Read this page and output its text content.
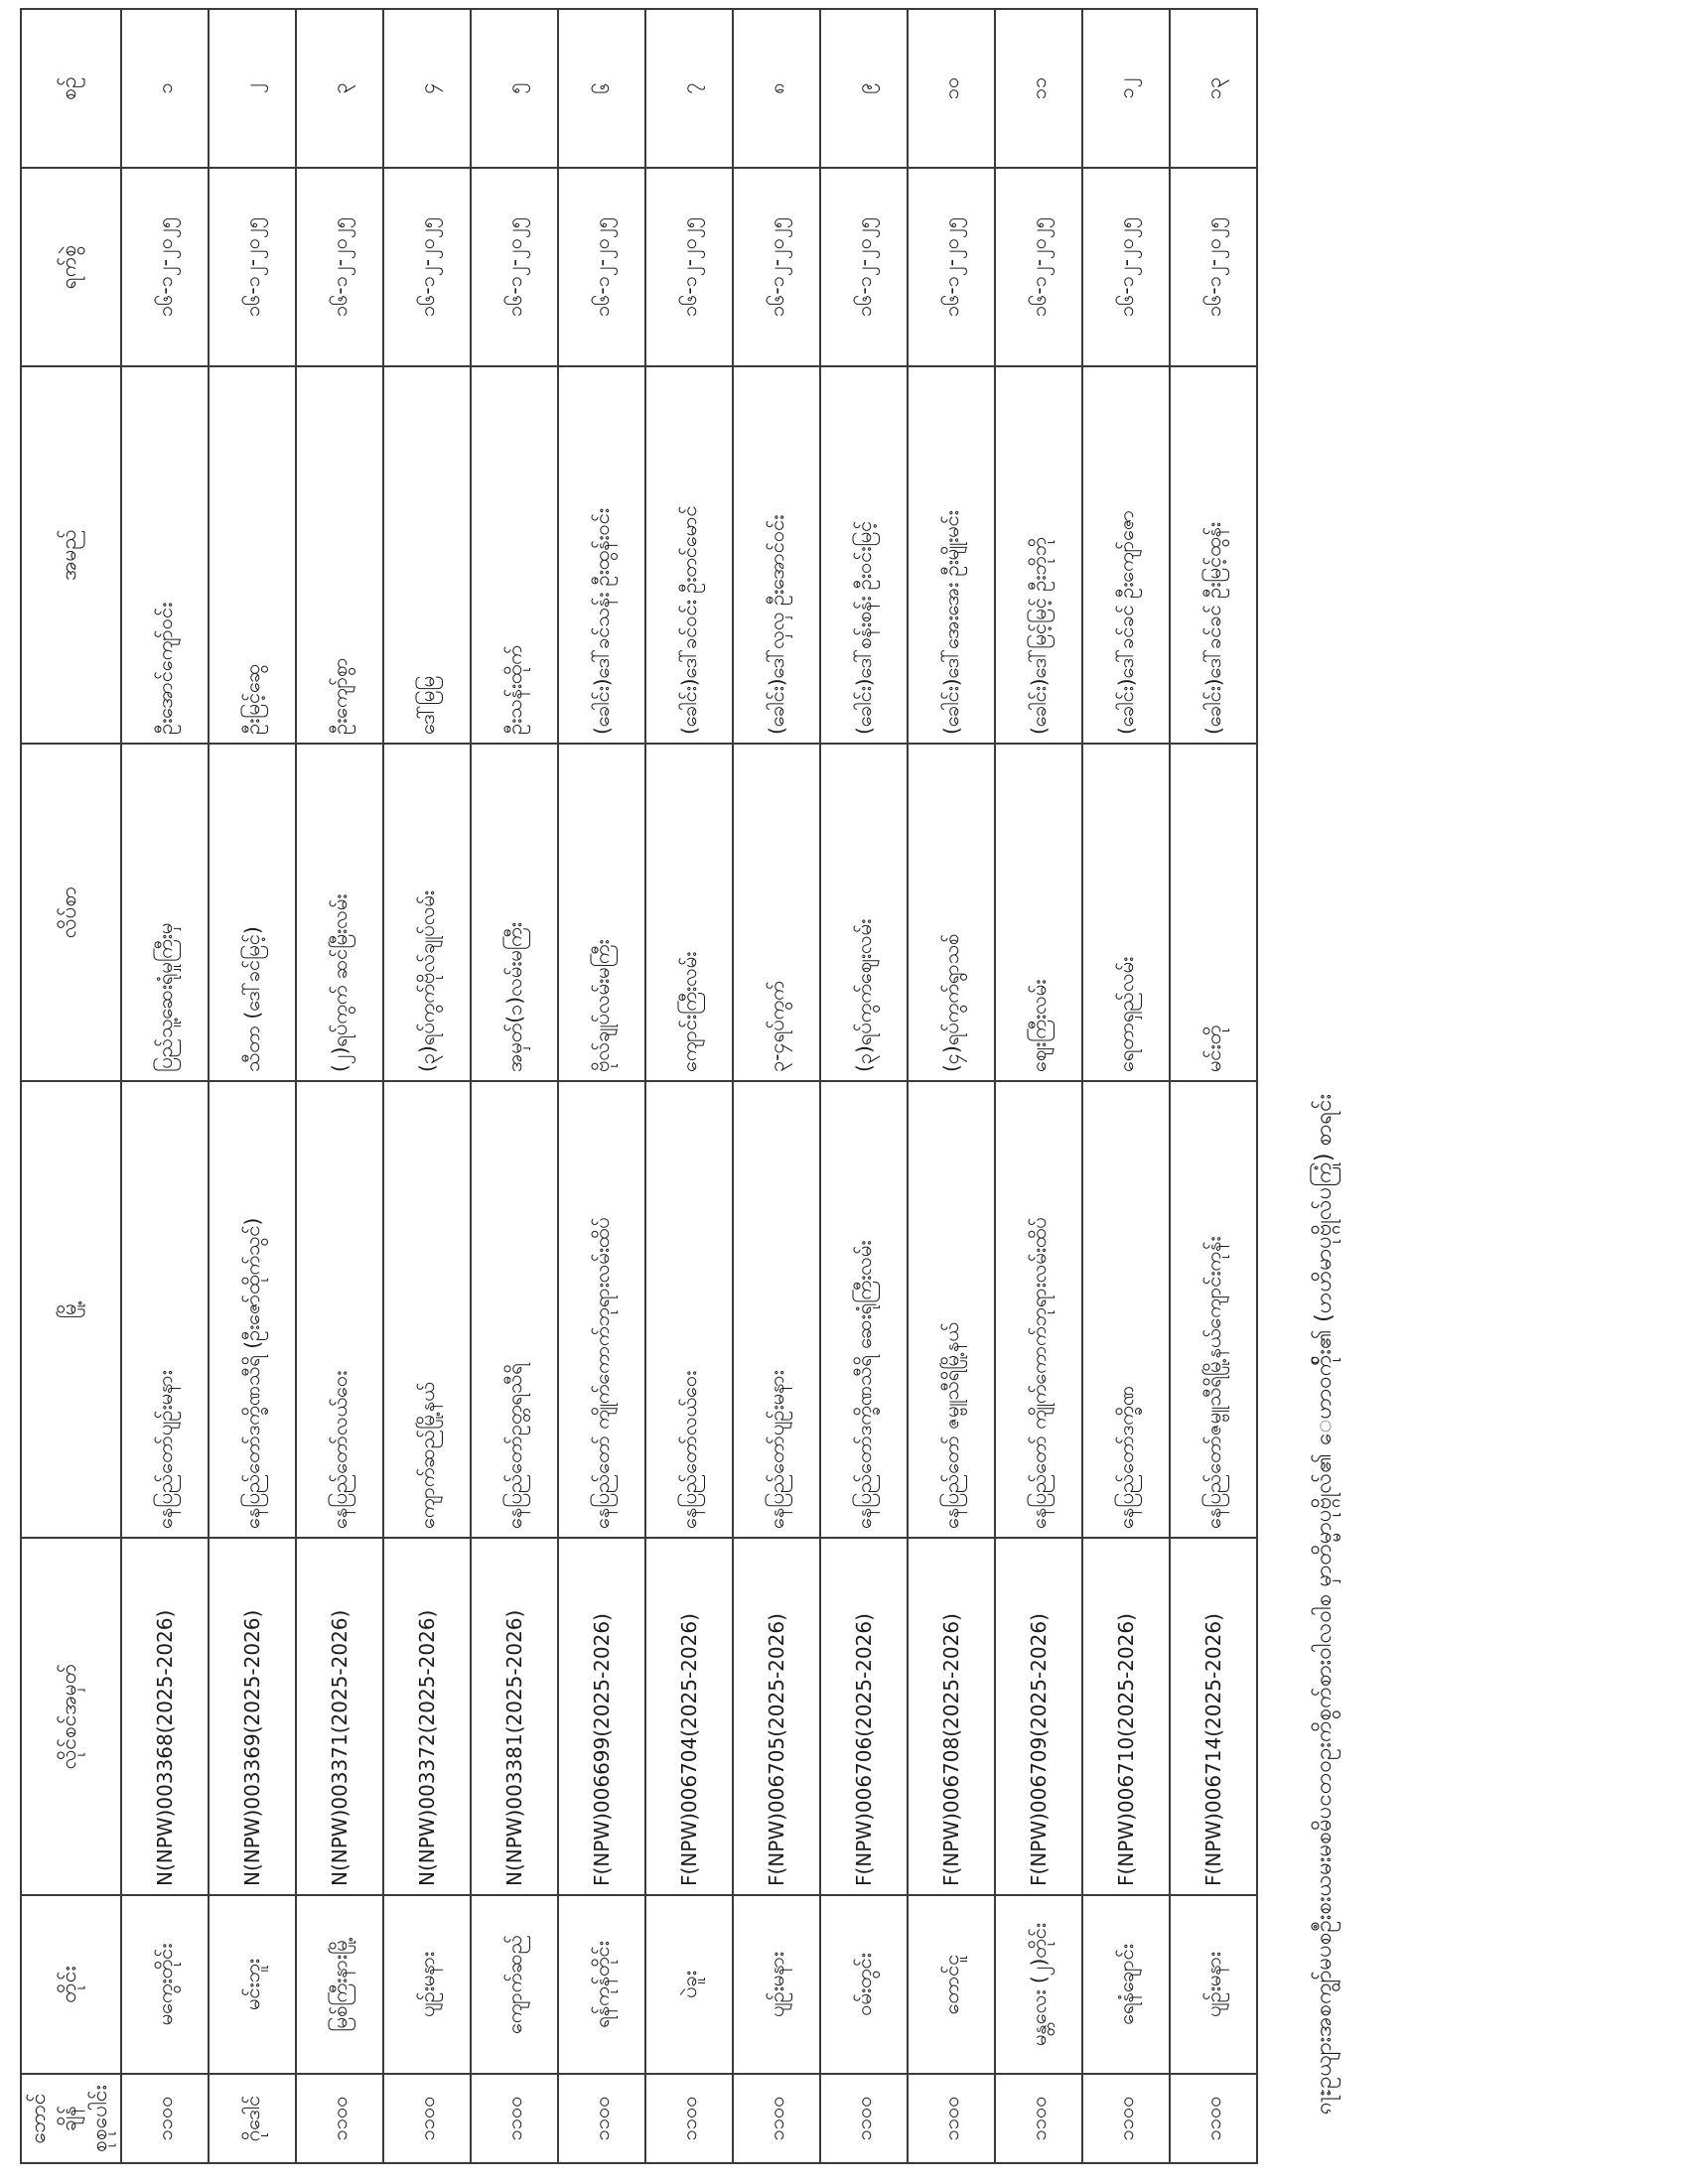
ၵႃႊဥယျားအစကျွာ်မပစဥဳးစးယမးမစမိပငတဝဥးကိစွက်စားဝါလဝါစ မှာတိမ္မာပုဗ္ဂိုလ်၏ ေဟာဝက်ိုး၏ (ဟဟိမာပုဗ္ဂိုလ်ပကြုံ) စာရင်း
ဘောင်ချိန် စုစုပေါင်း	တိုင်း	လိုင်စင်အမှတ်	မြို့	လိပ်စာ	အမည်	ရက်စွဲ	စဉ်
၁၁၀၀	မကွေးတိုင်း	N(NPW)003368(2025-2026)	နေပြည်တော်ပျဉ်းမနား	ပြည်သူ့ဆေးရုံမှုကြီးမှ	ဦးအောင်ကျော်ဝင်း	၁၆-၁၂-၂၀၂၅	၁
ဂိုဒေါင်	မင်းဘူး	N(NPW)003369(2025-2026)	နေပြည်တော်ဒက္ခိဏသီရိ (ဦးဇော်ထိုက်သွင်)	သီတာ (ဒေါ်ခင်မြင့်)	ဦးမြင့်ဆွေ	၁၆-၁၂-၂၀၂၅	၂
၁၁၀၀	မြစ်ကြီးနားမြို့	N(NPW)003371(2025-2026)	နေပြည်တော်လယ်ဝေး	(၂)ရပ်ကွက် ဆင်မြီးလမ်း	ဦးကျော်စွာ	၁၆-၁၂-၂၀၂၅	၃
၁၁၀၀	ပျဉ်းမနား	N(NPW)003372(2025-2026)	ကျောက်ဆည်မြို့နယ်	(၃)ရပ်ကွက်ဗိုလ်ချုပ်လမ်း	ဒေါ်မြမြ	၁၆-၁၂-၂၀၂၅	၄
၁၁၀၀	ကျောက်ဆည်	N(NPW)003381(2025-2026)	နေပြည်တော်ဥတ္တရသီရိ	အမှတ်(၁)လမ်းမကြီး	ဦးသန်းထိုက်	၁၆-၁၂-၂၀၂၅	၅
၁၁၀၀	ရန်ကုန်တိုင်း	F(NPW)006699(2025-2026)	နေပြည်တော် ကျိုက်ကောက်ဘုရားလမ်းထိပ်	ဗိုလ်ချုပ်လမ်းမကြီး	(ခေါင်း)ဒေါ်ခင်သန်း ဦးထွန်းဝင်း	၁၆-၁၂-၂၀၂၅	၆
၁၁၀၀	ပဲခူး	F(NPW)006704(2025-2026)	နေပြည်တော်လယ်ဝေး	ကျောင်းကြီးလမ်း	(ခေါင်း)ဒေါ်ခင်ဝင်း ဦးတင်မောင်	၁၆-၁၂-၂၀၂၅	၇
၁၁၀၀	ပျဉ်းမနား	F(NPW)006705(2025-2026)	နေပြည်တော်ပျဉ်းမနား	၃-၄ရပ်ကွက်	(ခေါင်း)ဒေါ်လှလှ ဦးအောင်ဝင်း	၁၆-၁၂-၂၀၂၅	၈
၁၁၀၀	ဝမ်းတွင်း	F(NPW)006706(2025-2026)	နေပြည်တော်ဒက္ခိဏသီရိ ဆေးရုံကြီးလမ်း	(၃)ရပ်ကွက်ဈေးလမ်း	(ခေါင်း)ဒေါ်စန်းစန်း ဦးဝင်းမြင့်	၁၆-၁၂-၂၀၂၅	၉
၁၁၀၀	တောင်ငူ	F(NPW)006708(2025-2026)	နေပြည်တော် ဇမ္ဗူသီရိမြို့နယ်	(၄)ရပ်ကွက်ရွာသစ်	(ခေါင်း)ဒေါ်အေးအေး ဦးမျိုးမင်း	၁၆-၁၂-၂၀၂၅	၁၀
၁၁၀၀	မန္တလေး (၂)တိုင်း	F(NPW)006709(2025-2026)	နေပြည်တော် ကျိုက်ကောက်ဘုရားလမ်းထိပ်	ဈေးကြီးလမ်း	(ခေါင်း)ဒေါ်မြင့်မြင့် ဦးဘိုဘို	၁၆-၁၂-၂၀၂၅	၁၁
၁၁၀၀	ရေနံချောင်း	F(NPW)006710(2025-2026)	နေပြည်တော်ဒက္ခိဏ	ရေတာရှည်လမ်း	(ခေါင်း)ဒေါ်ခင်ခင် ဦးကျော်ဇော	၁၆-၁၂-၂၀၂၅	၁၂
၁၁၀၀	ပျဉ်းမနား	F(NPW)006714(2025-2026)	နေပြည်တော်ဇမ္ဗူသီရိမြို့နယ်ကျောင်းကုန်း	မင်းတို	(ခေါင်း)ဒေါ်ခင်ခင် ဦးမြင့်ထွန်း	၁၆-၁၂-၂၀၂၅	၁၃
